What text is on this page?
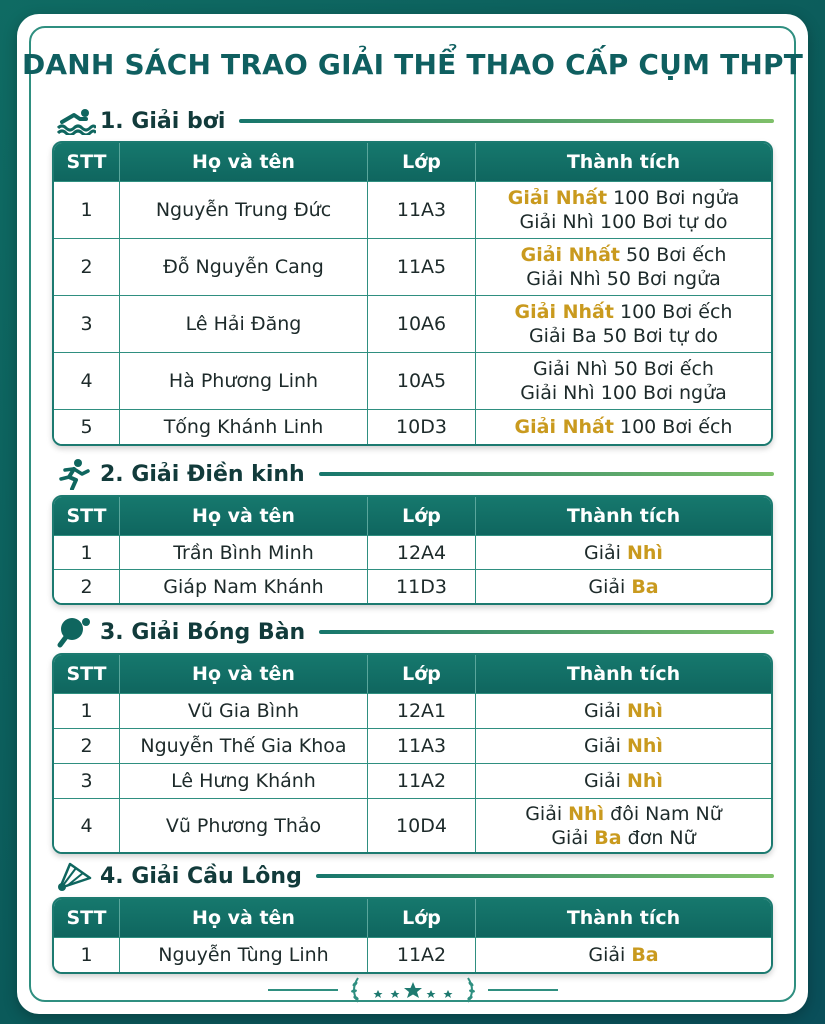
DANH SÁCH TRAO GIẢI THỂ THAO CẤP CỤM THPT
1. Giải bơi
STT	Họ và tên	Lớp	Thành tích
1	Nguyễn Trung Đức	11A3	Giải Nhất 100 Bơi ngửa
Giải Nhì 100 Bơi tự do

2	Đỗ Nguyễn Cang	11A5	Giải Nhất 50 Bơi ếch
Giải Nhì 50 Bơi ngửa

3	Lê Hải Đăng	10A6	Giải Nhất 100 Bơi ếch
Giải Ba 50 Bơi tự do

4	Hà Phương Linh	10A5	Giải Nhì 50 Bơi ếch
Giải Nhì 100 Bơi ngửa

5	Tống Khánh Linh	10D3	Giải Nhất 100 Bơi ếch
2. Giải Điền kinh
STT	Họ và tên	Lớp	Thành tích
1	Trần Bình Minh	12A4	Giải Nhì

2	Giáp Nam Khánh	11D3	Giải Ba
3. Giải Bóng Bàn
STT	Họ và tên	Lớp	Thành tích
1	Vũ Gia Bình	12A1	Giải Nhì

2	Nguyễn Thế Gia Khoa	11A3	Giải Nhì

3	Lê Hưng Khánh	11A2	Giải Nhì

4	Vũ Phương Thảo	10D4	Giải Nhì đôi Nam Nữ
Giải Ba đơn Nữ
4. Giải Cầu Lông
STT	Họ và tên	Lớp	Thành tích
1	Nguyễn Tùng Linh	11A2	Giải Ba
